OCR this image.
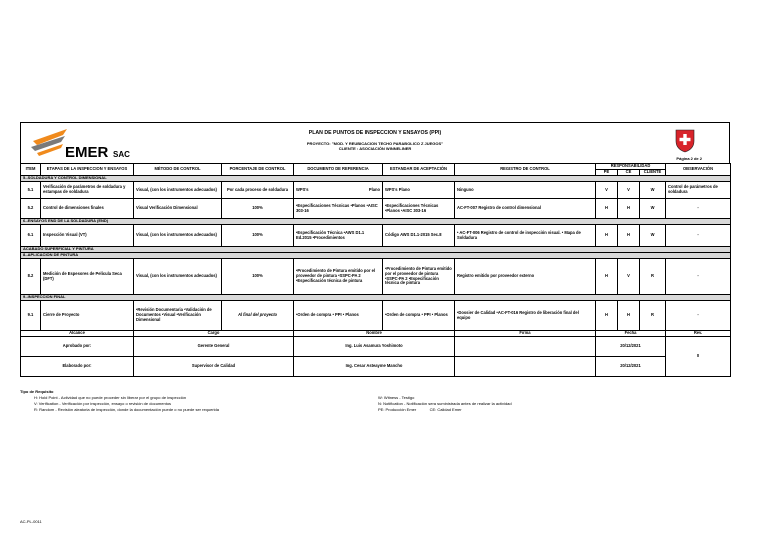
EMER SAC
PLAN DE PUNTOS DE INSPECCION Y ENSAYOS (PPI)
PROYECTO: "MOD. Y REUBICACION TECHO PARABOLICO Z JUEGOS"
CLIENTE : ASOCIACIÓN WINNELINER
Página 2 de 2
ITEM	ETAPAS DE LA INSPECCION Y ENSAYOS	MÉTODO DE CONTROL	PORCENTAJE DE CONTROL	DOCUMENTO DE REFERENCIA	ESTANDAR DE ACEPTACIÓN	REGISTRO DE CONTROL	RESPONSABILIDAD			OBSERVACIÓN
							PE	CE	CLIENTE	
5.-SOLDADURA Y CONTROL DIMENSIONAL										
5.1	Verificación de parámetros de soldadura y estampas de soldadura	Visual, (con los instrumentos adecuados)	Por cada proceso de soldadura	WPS's Plano	WPS's Plano	Ninguno	V	V	W	Control de parámetros de soldadura
5.2	Control de dimensiones finales	Visual Verificación Dimensional	100%	•Especificaciones Técnicas •Planos •AISC 303-16	•Especificaciones Técnicas •Planos •AISC 303-16	AC-FT-007 Registro de control dimensional	H	H	W	-
6.-ENSAYOS END DE LA SOLDADURA (END)										
6.1	Inspección Visual (VT)	Visual, (con los instrumentos adecuados)	100%	•Especificación Técnica •AWS D1.1 Ed.2015 •Procedimientos	Código AWS D1.1-2015 Sec.8	• AC-FT-006 Registro de control de inspección visual. • Mapa de Soldadura	H	H	W	-
ACABADO SUPERFICIAL Y PINTURA										
8.-APLICACION DE PINTURA										
8.2	Medición de Espesores de Película Seca (DFT)	Visual, (con los instrumentos adecuados)	100%	•Procedimiento de Pintura emitido por el proveedor de pintura •SSPC-PA 2 •Especificación técnica de pintura	•Procedimiento de Pintura emitido por el proveedor de pintura •SSPC-PA 2 •Especificación técnica de pintura	Registro emitido por proveedor externo	H	V	R	-
9.-INSPECCION FINAL										
9.1	Cierre de Proyecto	•Revisión Documentaria •Validación de Documentos •Visual •Verificación Dimensional	Al final del proyecto	•Orden de compra • PPI • Planos	•Orden de compra • PPI • Planos	•Dossier de Calidad •AC-FT-016 Registro de liberación final del equipo	H	H	R	-
Alcance		Cargo		Nombre		Firma	Fecha			Rev.
Aprobado por:		Gerente General		Ing. Luis Asamura Yoshimoto			20/12/2021			0
Elaborado por:		Supervisor de Calidad		Ing. Cesar Asteayme Mancho			20/12/2021			
Tipo de Requisito
H: Hold Point - Actividad que no puede proceder sin liberar por el grupo de inspección	W: Witness - Testigo
V: Verification - Verificación por inspección, ensayo o revisión de documentos	N: Notification - Notificación sera suministrada antes de realizar la actividad
R: Random - Revisión aleatoria de inspección, donde la documentación puede o no puede ser requerida	PE: Producción Emer	CE: Calidad Emer
AC-PL-0011
